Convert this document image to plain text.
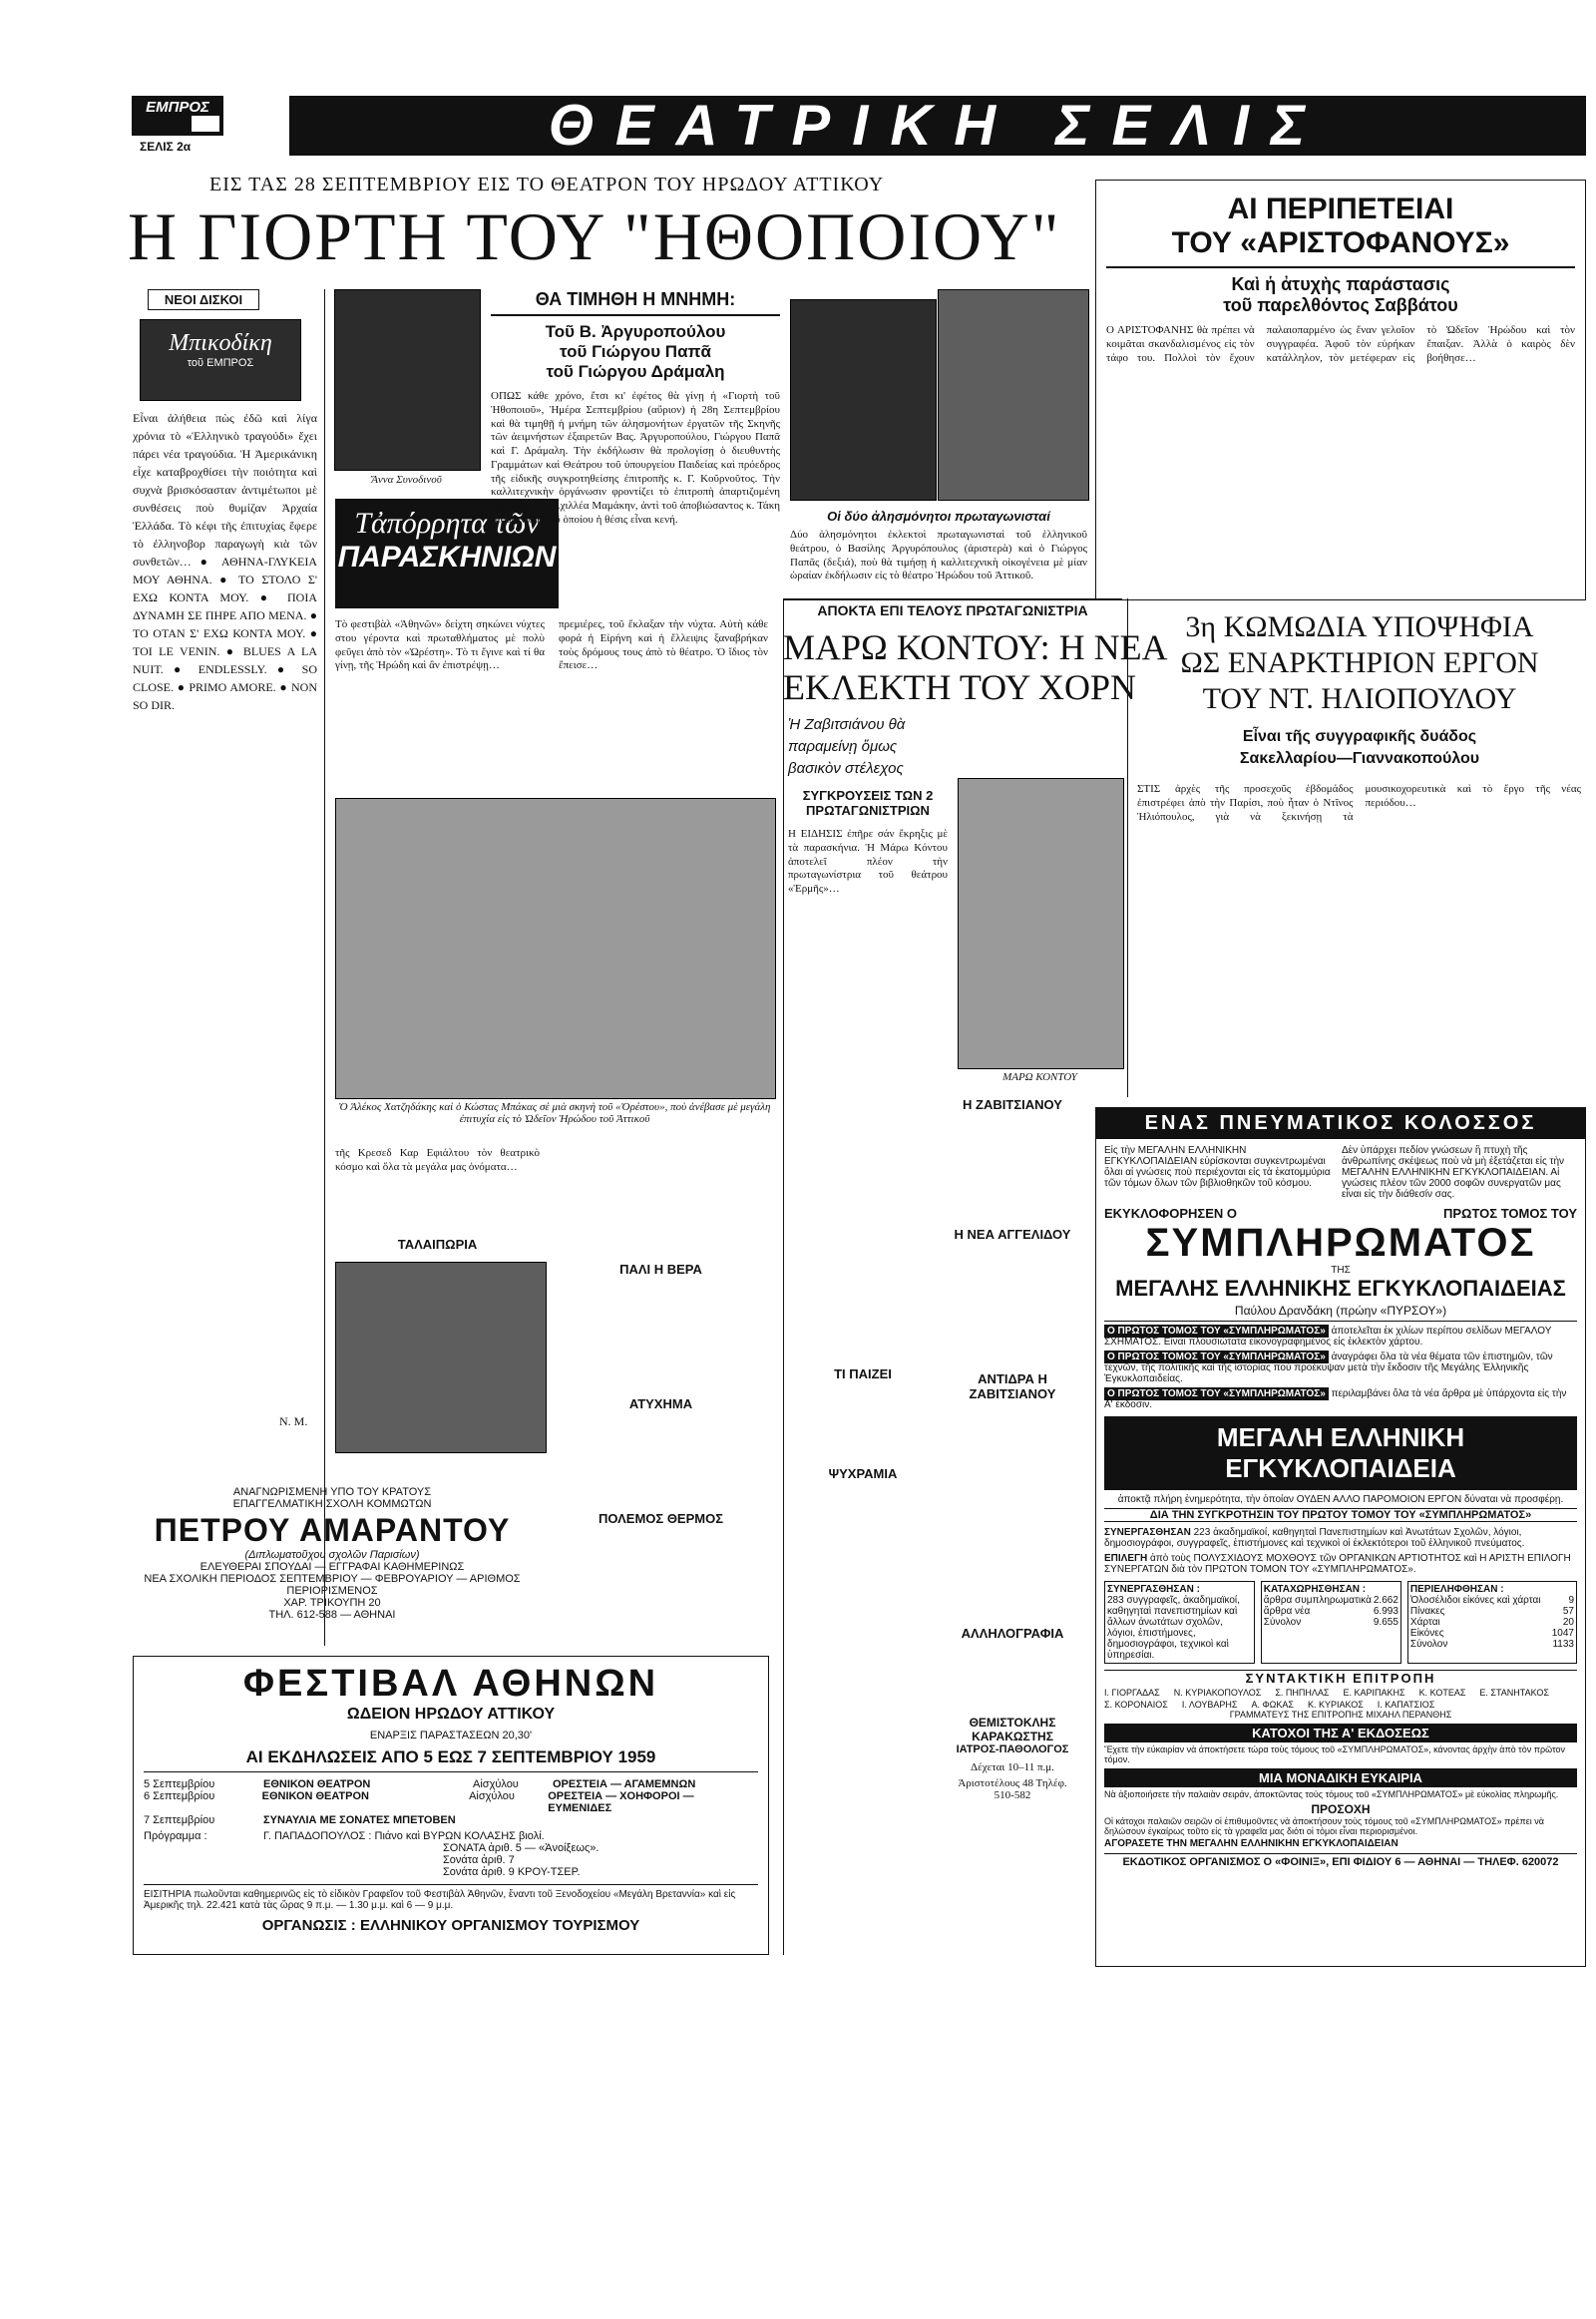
ΕΜΠΡΟΣ
ΣΕΛΙΣ 2α	ΘΕΑΤΡΙΚΗ ΣΕΛΙΣ
ΕΙΣ ΤΑΣ 28 ΣΕΠΤΕΜΒΡΙΟΥ ΕΙΣ ΤΟ ΘΕΑΤΡΟΝ ΤΟΥ ΗΡΩΔΟΥ ΑΤΤΙΚΟΥ
Η ΓΙΟΡΤΗ ΤΟΥ "ΗΘΟΠΟΙΟΥ"
ΝΕΟΙ ΔΙΣΚΟΙ
Μπικοδίκη
τοῦ ΕΜΠΡΟΣ
Εἶναι ἀλήθεια πὼς ἐδῶ καὶ λίγα χρόνια τὸ «Ἑλληνικὸ τραγούδι» ἔχει πάρει νέα τραγούδια. Ἡ Ἀμερικάνικη εἶχε καταβροχθίσει τὴν ποιότητα καὶ συχνὰ βρισκόσασταν ἀντιμέτωποι μὲ συνθέσεις ποὺ θυμίζαν Ἀρχαία Ἑλλάδα. Τὸ κέφι τῆς ἐπιτυχίας ἔφερε τὸ ἐλληνοβορ παραγωγὴ κιὰ τῶν συνθετῶν… ● ΑΘΗΝΑ-ΓΛΥΚΕΙΑ ΜΟΥ ΑΘΗΝΑ. ● ΤΟ ΣΤΟΛΟ Σ' ΕΧΩ ΚΟΝΤΑ ΜΟΥ. ● ΠΟΙΑ ΔΥΝΑΜΗ ΣΕ ΠΗΡΕ ΑΠΟ ΜΕΝΑ. ● ΤΟ ΟΤΑΝ Σ' ΕΧΩ ΚΟΝΤΑ ΜΟΥ. ● TOI LE VENIN. ● BLUES A LA NUIT. ● ENDLESSLY. ● SO CLOSE. ● PRIMO AMORE. ● NON SO DIR.
Ν. Μ.
Ἄννα Συνοδινοῦ
Τἀπόρρητα τῶν
ΠΑΡΑΣΚΗΝΙΩΝ
ΘΑ ΤΙΜΗΘΗ Η ΜΝΗΜΗ:
Τοῦ Β. Ἀργυροπούλου
τοῦ Γιώργου Παπᾶ
τοῦ Γιώργου Δράμαλη
ΟΠΩΣ κάθε χρόνο, ἔτσι κι' ἐφέτος θὰ γίνῃ ἡ «Γιορτὴ τοῦ Ἠθοποιοῦ», Ἡμέρα Σεπτεμβρίου (αὔριον) ἡ 28η Σεπτεμβρίου καὶ θὰ τιμηθῇ ἡ μνήμη τῶν ἀλησμονήτων ἐργατῶν τῆς Σκηνῆς τῶν ἀειμνήστων ἐξαιρετῶν Βας. Ἀργυροπούλου, Γιώργου Παπᾶ καὶ Γ. Δράμαλη. Τὴν ἐκδήλωσιν θὰ προλογίσῃ ὁ διευθυντὴς Γραμμάτων καὶ Θεάτρου τοῦ ὑπουργείου Παιδείας καὶ πρόεδρος τῆς εἰδικῆς συγκροτηθείσης ἐπιτροπῆς κ. Γ. Κοῦρνοῦτος. Τὴν καλλιτεχνικὴν ὀργάνωσιν φροντίζει τὸ ἐπιτροπὴ ἀπαρτιζομένη ἀπὸ τοὺς κ.κ. Ἀχιλλέα Μαμάκην, ἀντὶ τοῦ ἀποβιώσαντος κ. Τάκη Μουζενίδη, τοῦ ὁποίου ἡ θέσις εἶναι κενή.	Οἱ δύο ἀλησμόνητοι πρωταγωνισταί
Δύο ἀλησμόνητοι ἐκλεκτοὶ πρωταγωνισταὶ τοῦ ἑλληνικοῦ θεάτρου, ὁ Βασίλης Ἀργυρόπουλος (ἀριστερὰ) καὶ ὁ Γιώργος Παπᾶς (δεξιά), ποὺ θὰ τιμήσῃ ἡ καλλιτεχνικὴ οἰκογένεια μὲ μίαν ὡραίαν ἐκδήλωσιν εἰς τὸ θέατρο Ἡρώδου τοῦ Ἀττικοῦ.
ΑΙ ΠΕΡΙΠΕΤΕΙΑΙ
ΤΟΥ «ΑΡΙΣΤΟΦΑΝΟΥΣ»
Καὶ ἡ ἀτυχὴς παράστασις
τοῦ παρελθόντος Σαββάτου
Ο ΑΡΙΣΤΟΦΑΝΗΣ θὰ πρέπει νὰ κοιμᾶται σκανδαλισμένος εἰς τὸν τάφο του. Πολλοὶ τὸν ἔχουν παλαιοπαρμένο ὡς ἕναν γελοῖον συγγραφέα. Ἀφοῦ τὸν εὑρήκαν κατάλληλον, τὸν μετέφεραν εἰς τὸ Ὠδεῖον Ἡρώδου καὶ τὸν ἔπαιξαν. Ἀλλὰ ὁ καιρὸς δὲν βοήθησε…
Ὁ Ἀλέκος Χατζηδάκης καὶ ὁ Κώστας Μπάκας σὲ μιὰ σκηνὴ τοῦ «Ὀρέστου», ποὺ ἀνέβασε μὲ μεγάλη ἐπιτυχία εἰς τὸ Ὠδεῖον Ἡρώδου τοῦ Ἀττικοῦ
Τὸ φεστιβὰλ «Ἀθηνῶν» δείχτη σηκώνει νύχτες στου γέροντα καὶ πρωταθλήματος μὲ πολὺ φεῦγει ἀπὸ τὸν «Ὠρέστη». Τὸ τι ἔγινε καὶ τί θα γίνῃ, τῆς Ἡρώδη καὶ ἂν ἐπιστρέψῃ…
πρεμιέρες, τοῦ ἔκλαξαν τὴν νύχτα. Αὐτὴ κάθε φορά ἡ Εἰρήνη καὶ ἡ ἔλλειψις ξαναβρήκαν τοὺς δρόμους τους ἀπὸ τὸ θέατρο. Ὁ ἴδιος τὸν ἔπεισε…
τῆς Κρεσεδ Καρ Εφιάλτου τὸν θεατρικὸ κόσμο καὶ ὅλα τὰ μεγάλα μας ὀνόματα…
ΤΑΛΑΙΠΩΡΙΑ
ΠΑΛΙ Η ΒΕΡΑ
ΑΤΥΧΗΜΑ
ΠΟΛΕΜΟΣ ΘΕΡΜΟΣ
ΤΙ ΠΑΙΖΕΙ
ΨΥΧΡΑΜΙΑ
Η ΖΑΒΙΤΣΙΑΝΟΥ
Η ΝΕΑ ΑΓΓΕΛΙΔΟΥ
ΑΝΤΙΔΡΑ Η ΖΑΒΙΤΣΙΑΝΟΥ
ΑΛΛΗΛΟΓΡΑΦΙΑ
ΘΕΜΙΣΤΟΚΛΗΣ ΚΑΡΑΚΩΣΤΗΣ
ΙΑΤΡΟΣ-ΠΑΘΟΛΟΓΟΣ
Δέχεται 10–11 π.μ.
Ἀριστοτέλους 48 Τηλέφ. 510-582
ΑΠΟΚΤΑ ΕΠΙ ΤΕΛΟΥΣ ΠΡΩΤΑΓΩΝΙΣΤΡΙΑ
ΜΑΡΩ ΚΟΝΤΟΥ: Η ΝΕΑ
ΕΚΛΕΚΤΗ ΤΟΥ ΧΟΡΝ
Ἡ Ζαβιτσιάνου θὰ
παραμείνῃ ὅμως
βασικὸν στέλεχος
ΣΥΓΚΡΟΥΣΕΙΣ ΤΩΝ 2 ΠΡΩΤΑΓΩΝΙΣΤΡΙΩΝ
Η ΕΙΔΗΣΙΣ ἐπῆρε σάν ἔκρηξις μὲ τὰ παρασκήνια. Ἡ Μάρω Κόντου ἀποτελεῖ πλέον τὴν πρωταγωνίστρια τοῦ θεάτρου «Ἑρμῆς»…
ΜΑΡΩ ΚΟΝΤΟΥ
3η ΚΩΜΩΔΙΑ ΥΠΟΨΗΦΙΑ
ΩΣ ΕΝΑΡΚΤΗΡΙΟΝ ΕΡΓΟΝ
ΤΟΥ ΝΤ. ΗΛΙΟΠΟΥΛΟΥ
Εἶναι τῆς συγγραφικῆς δυάδος
Σακελλαρίου—Γιαννακοπούλου
ΣΤΙΣ ἀρχὲς τῆς προσεχοῦς ἑβδομάδος ἐπιστρέφει ἀπὸ τὴν Παρίσι, ποὺ ἦταν ὁ Ντῖνος Ἠλιόπουλος, γιὰ νὰ ξεκινήσῃ τὰ μουσικοχορευτικὰ καὶ τὸ ἔργο τῆς νέας περιόδου…
ΑΝΑΓΝΩΡΙΣΜΕΝΗ ΥΠΟ ΤΟΥ ΚΡΑΤΟΥΣ
ΕΠΑΓΓΕΛΜΑΤΙΚΗ ΣΧΟΛΗ ΚΟΜΜΩΤΩΝ
ΠΕΤΡΟΥ ΑΜΑΡΑΝΤΟΥ
(Διπλωματοῦχου σχολῶν Παρισίων)
ΕΛΕΥΘΕΡΑΙ ΣΠΟΥΔΑΙ — ΕΓΓΡΑΦΑΙ ΚΑΘΗΜΕΡΙΝΩΣ
ΝΕΑ ΣΧΟΛΙΚΗ ΠΕΡΙΟΔΟΣ ΣΕΠΤΕΜΒΡΙΟΥ — ΦΕΒΡΟΥΑΡΙΟΥ — ΑΡΙΘΜΟΣ ΠΕΡΙΟΡΙΣΜΕΝΟΣ
ΧΑΡ. ΤΡΙΚΟΥΠΗ 20
ΤΗΛ. 612-588 — ΑΘΗΝΑΙ
ΦΕΣΤΙΒΑΛ ΑΘΗΝΩΝ
ΩΔΕΙΟΝ ΗΡΩΔΟΥ ΑΤΤΙΚΟΥ
ΕΝΑΡΞΙΣ ΠΑΡΑΣΤΑΣΕΩΝ 20,30'
ΑΙ ΕΚΔΗΛΩΣΕΙΣ ΑΠΟ 5 ΕΩΣ 7 ΣΕΠΤΕΜΒΡΙΟΥ 1959
5 Σεπτεμβρίου	ΕΘΝΙΚΟΝ ΘΕΑΤΡΟΝ	Αἰσχύλου	ΟΡΕΣΤΕΙΑ — ΑΓΑΜΕΜΝΩΝ
6 Σεπτεμβρίου	ΕΘΝΙΚΟΝ ΘΕΑΤΡΟΝ	Αἰσχύλου	ΟΡΕΣΤΕΙΑ — ΧΟΗΦΟΡΟΙ — ΕΥΜΕΝΙΔΕΣ
7 Σεπτεμβρίου	ΣΥΝΑΥΛΙΑ ΜΕ ΣΟΝΑΤΕΣ ΜΠΕΤΟΒΕΝ
Πρόγραμμα :	Γ. ΠΑΠΑΔΟΠΟΥΛΟΣ : Πιάνο καὶ ΒΥΡΩΝ ΚΟΛΑΣΗΣ βιολί.
ΣΟΝΑΤΑ ἀριθ. 5 — «Ἀνοίξεως».
Σονάτα ἀριθ. 7
Σονάτα ἀριθ. 9 ΚΡΟΥ-ΤΣΕΡ.
ΕΙΣΙΤΗΡΙΑ πωλοῦνται καθημερινῶς εἰς τὸ εἰδικὸν Γραφεῖον τοῦ Φεστιβὰλ Ἀθηνῶν, ἔναντι τοῦ Ξενοδοχείου «Μεγάλη Βρεταννία» καὶ εἰς Ἀμερικῆς τηλ. 22.421 κατὰ τὰς ὥρας 9 π.μ. — 1.30 μ.μ. καὶ 6 — 9 μ.μ.
ΟΡΓΑΝΩΣΙΣ : ΕΛΛΗΝΙΚΟΥ ΟΡΓΑΝΙΣΜΟΥ ΤΟΥΡΙΣΜΟΥ
ΕΝΑΣ ΠΝΕΥΜΑΤΙΚΟΣ ΚΟΛΟΣΣΟΣ
Εἰς τὴν ΜΕΓΑΛΗΝ ΕΛΛΗΝΙΚΗΝ ΕΓΚΥΚΛΟΠΑΙΔΕΙΑΝ εὑρίσκονται συγκεντρωμέναι ὅλαι αἱ γνώσεις ποὺ περιέχονται εἰς τὰ ἑκατομμύρια τῶν τόμων ὅλων τῶν βιβλιοθηκῶν τοῦ κόσμου.
Δὲν ὑπάρχει πεδίον γνώσεων ἢ πτυχὴ τῆς ἀνθρωπίνης σκέψεως ποὺ νὰ μὴ ἐξετάζεται εἰς τὴν ΜΕΓΑΛΗΝ ΕΛΛΗΝΙΚΗΝ ΕΓΚΥΚΛΟΠΑΙΔΕΙΑΝ. Αἱ γνώσεις πλέον τῶν 2000 σοφῶν συνεργατῶν μας εἶναι εἰς τὴν διάθεσίν σας.
ΕΚΥΚΛΟΦΟΡΗΣΕΝ Ο	ΠΡΩΤΟΣ ΤΟΜΟΣ ΤΟΥ
ΣΥΜΠΛΗΡΩΜΑΤΟΣ
ΤΗΣ
ΜΕΓΑΛΗΣ ΕΛΛΗΝΙΚΗΣ ΕΓΚΥΚΛΟΠΑΙΔΕΙΑΣ
Παύλου Δρανδάκη (πρώην «ΠΥΡΣΟΥ»)
Ο ΠΡΩΤΟΣ ΤΟΜΟΣ ΤΟΥ «ΣΥΜΠΛΗΡΩΜΑΤΟΣ» ἀποτελεῖται ἐκ χιλίων περίπου σελίδων ΜΕΓΑΛΟΥ ΣΧΗΜΑΤΟΣ. Εἶναι πλουσιώτατα εἰκονογραφημένος εἰς ἐκλεκτὸν χάρτου.
Ο ΠΡΩΤΟΣ ΤΟΜΟΣ ΤΟΥ «ΣΥΜΠΛΗΡΩΜΑΤΟΣ» ἀναγράφει ὅλα τὰ νέα θέματα τῶν ἐπιστημῶν, τῶν τεχνῶν, τῆς πολιτικῆς καὶ τῆς ἱστορίας ποὺ προέκυψαν μετὰ τὴν ἔκδοσιν τῆς Μεγάλης Ἑλληνικῆς Ἐγκυκλοπαιδείας.
Ο ΠΡΩΤΟΣ ΤΟΜΟΣ ΤΟΥ «ΣΥΜΠΛΗΡΩΜΑΤΟΣ» περιλαμβάνει ὅλα τὰ νέα ἄρθρα μὲ ὑπάρχοντα εἰς τὴν Α' ἔκδοσιν.
ΜΕΓΑΛΗ ΕΛΛΗΝΙΚΗ ΕΓΚΥΚΛΟΠΑΙΔΕΙΑ
ἀποκτᾷ πλήρη ἐνημερότητα, τὴν ὁποίαν ΟΥΔΕΝ ΑΛΛΟ ΠΑΡΟΜΟΙΟΝ ΕΡΓΟΝ δύναται νὰ προσφέρῃ.
ΔΙΑ ΤΗΝ ΣΥΓΚΡΟΤΗΣΙΝ ΤΟΥ ΠΡΩΤΟΥ ΤΟΜΟΥ ΤΟΥ «ΣΥΜΠΛΗΡΩΜΑΤΟΣ»
ΣΥΝΕΡΓΑΣΘΗΣΑΝ 223 ἀκαδημαϊκοί, καθηγηταὶ Πανεπιστημίων καὶ Ἀνωτάτων Σχολῶν, λόγιοι, δημοσιογράφοι, συγγραφεῖς, ἐπιστήμονες καὶ τεχνικοὶ οἱ ἐκλεκτότεροι τοῦ ἑλληνικοῦ πνεύματος.
ΕΠΙΛΕΓΗ ἀπὸ τοὺς ΠΟΛΥΣΧΙΔΟΥΣ ΜΟΧΘΟΥΣ τῶν ΟΡΓΑΝΙΚΩΝ ΑΡΤΙΟΤΗΤΟΣ καὶ Η ΑΡΙΣΤΗ ΕΠΙΛΟΓΗ ΣΥΝΕΡΓΑΤΩΝ διὰ τὸν ΠΡΩΤΟΝ ΤΟΜΟΝ ΤΟΥ «ΣΥΜΠΛΗΡΩΜΑΤΟΣ».
ΣΥΝΕΡΓΑΣΘΗΣΑΝ :
283 συγγραφεῖς, ἀκαδημαϊκοί, καθηγηταὶ πανεπιστημίων καὶ ἄλλων ἀνωτάτων σχολῶν, λόγιοι, ἐπιστήμονες, δημοσιογράφοι, τεχνικοὶ καὶ ὑπηρεσίαι.
ΚΑΤΑΧΩΡΗΣΘΗΣΑΝ :
ἄρθρα συμπληρωματικὰ 2.662
ἄρθρα νέα	6.993
Σύνολον	9.655
ΠΕΡΙΕΛΗΦΘΗΣΑΝ :
Ὁλοσέλιδοι εἰκόνες καὶ χάρται	9
Πίνακες	57
Χάρται	20
Εἰκόνες	1047
Σύνολον	1133
ΣΥΝΤΑΚΤΙΚΗ ΕΠΙΤΡΟΠΗ
Ι. ΓΙΟΡΓΑΔΑΣ Ν. ΚΥΡΙΑΚΟΠΟΥΛΟΣ Σ. ΠΗΠΗΛΑΣ Ε. ΚΑΡΙΠΑΚΗΣ Κ. ΚΟΤΕΑΣ Ε. ΣΤΑΝΗΤΑΚΟΣ
Σ. ΚΟΡΟΝΑΙΟΣ Ι. ΛΟΥΒΑΡΗΣ Α. ΦΩΚΑΣ Κ. ΚΥΡΙΑΚΟΣ Ι. ΚΑΠΑΤΣΙΟΣ
ΓΡΑΜΜΑΤΕΥΣ ΤΗΣ ΕΠΙΤΡΟΠΗΣ ΜΙΧΑΗΛ ΠΕΡΑΝΘΗΣ
ΚΑΤΟΧΟΙ ΤΗΣ Α' ΕΚΔΟΣΕΩΣ
Ἔχετε τὴν εὐκαιρίαν νὰ ἀποκτήσετε τώρα τοὺς τόμους τοῦ «ΣΥΜΠΛΗΡΩΜΑΤΟΣ», κάνοντας ἀρχὴν ἀπὸ τὸν πρῶτον τόμον.
ΜΙΑ ΜΟΝΑΔΙΚΗ ΕΥΚΑΙΡΙΑ
Νὰ ἀξιοποιήσετε τὴν παλαιὰν σειράν, ἀποκτῶντας τοὺς τόμους τοῦ «ΣΥΜΠΛΗΡΩΜΑΤΟΣ» μὲ εὐκολίας πληρωμῆς.
ΠΡΟΣΟΧΗ
Οἱ κάτοχοι παλαιῶν σειρῶν οἱ ἐπιθυμοῦντες νὰ ἀποκτήσουν τοὺς τόμους τοῦ «ΣΥΜΠΛΗΡΩΜΑΤΟΣ» πρέπει νὰ δηλώσουν ἐγκαίρως τοῦτο εἰς τὰ γραφεῖα μας διότι οἱ τόμοι εἶναι περιορισμένοι.
ΑΓΟΡΑΣΕΤΕ ΤΗΝ ΜΕΓΑΛΗΝ ΕΛΛΗΝΙΚΗΝ ΕΓΚΥΚΛΟΠΑΙΔΕΙΑΝ
ΕΚΔΟΤΙΚΟΣ ΟΡΓΑΝΙΣΜΟΣ Ο «ΦΟΙΝΙΞ», ΕΠΙ ΦΙΔΙΟΥ 6 — ΑΘΗΝΑΙ — ΤΗΛΕΦ. 620072
